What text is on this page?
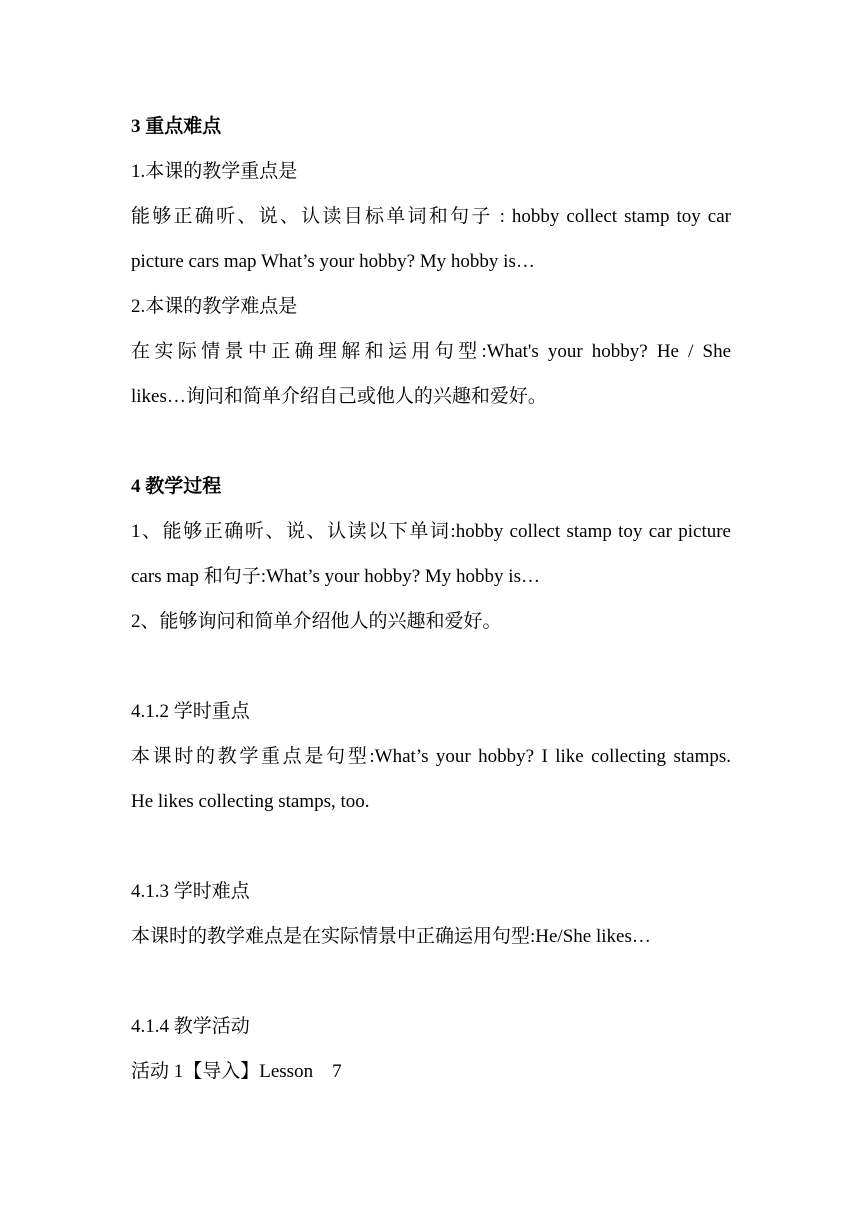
3 重点难点
1.本课的教学重点是
能够正确听、说、认读目标单词和句子 : hobby collect stamp toy car
picture cars map What’s your hobby? My hobby is…
2.本课的教学难点是
在实际情景中正确理解和运用句型:What's your hobby? He / She
likes…询问和简单介绍自己或他人的兴趣和爱好。
4 教学过程
1、能够正确听、说、认读以下单词:hobby collect stamp toy car picture
cars map 和句子:What’s your hobby? My hobby is…
2、能够询问和简单介绍他人的兴趣和爱好。
4.1.2 学时重点
本课时的教学重点是句型:What’s your hobby? I like collecting stamps.
He likes collecting stamps, too.
4.1.3 学时难点
本课时的教学难点是在实际情景中正确运用句型:He/She likes…
4.1.4 教学活动
活动 1【导入】Lesson　7
